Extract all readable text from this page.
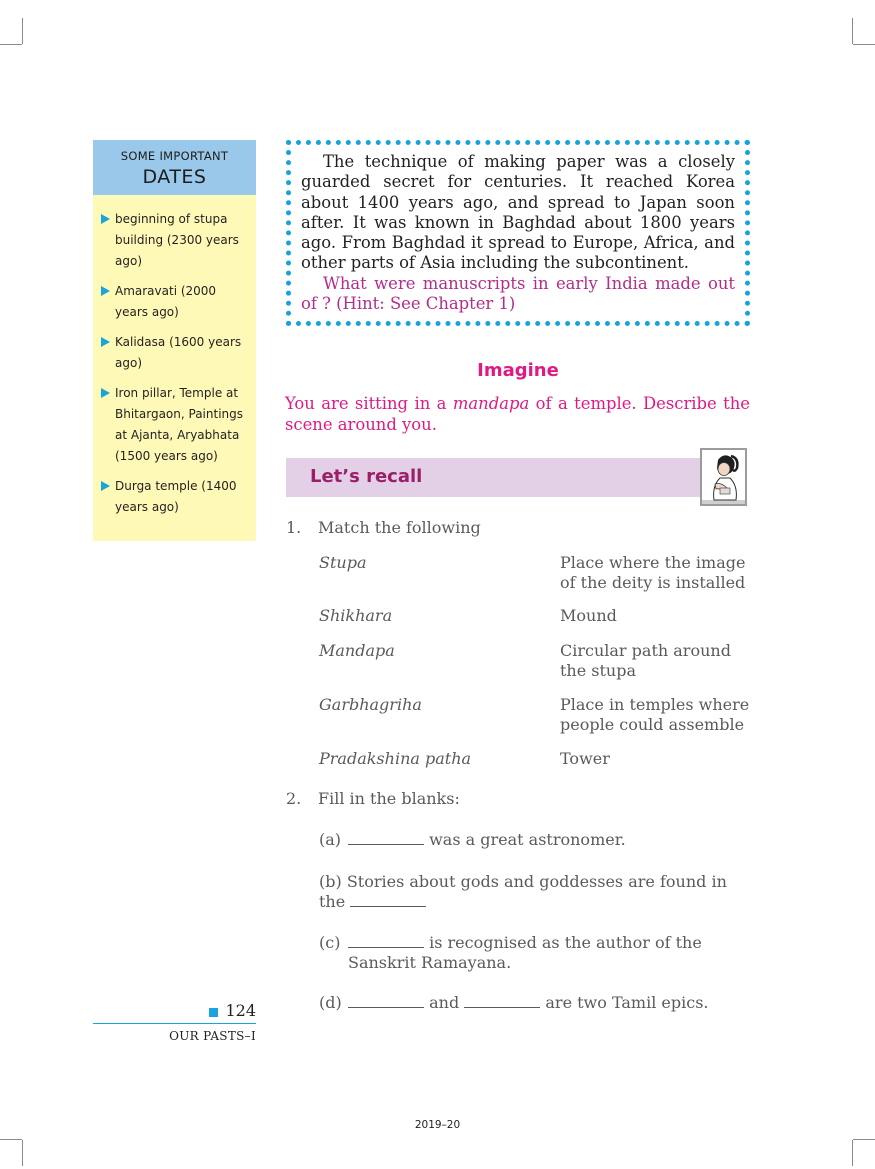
SOME IMPORTANT
DATES
beginning of stupa building (2300 years ago)
Amaravati (2000 years ago)
Kalidasa (1600 years ago)
Iron pillar, Temple at Bhitargaon, Paintings at Ajanta, Aryabhata (1500 years ago)
Durga temple (1400 years ago)

The technique of making paper was a closely guarded secret for centuries. It reached Korea about 1400 years ago, and spread to Japan soon after. It was known in Baghdad about 1800 years ago. From Baghdad it spread to Europe, Africa, and other parts of Asia including the subcontinent.

What were manuscripts in early India made out of ? (Hint: See Chapter 1)

Imagine
You are sitting in a mandapa of a temple. Describe the scene around you.
Let’s recall
1. Match the following
Stupa	Place where the image of the deity is installed
Shikhara	Mound
Mandapa	Circular path around the stupa
Garbhagriha	Place in temples where people could assemble
Pradakshina patha	Tower
2. Fill in the blanks:
(a)	was a great astronomer.
(b) Stories about gods and goddesses are found in the
(c)	is recognised as the author of the Sanskrit Ramayana.
(d)	and	are two Tamil epics.
124
OUR PASTS–I
2019–20
